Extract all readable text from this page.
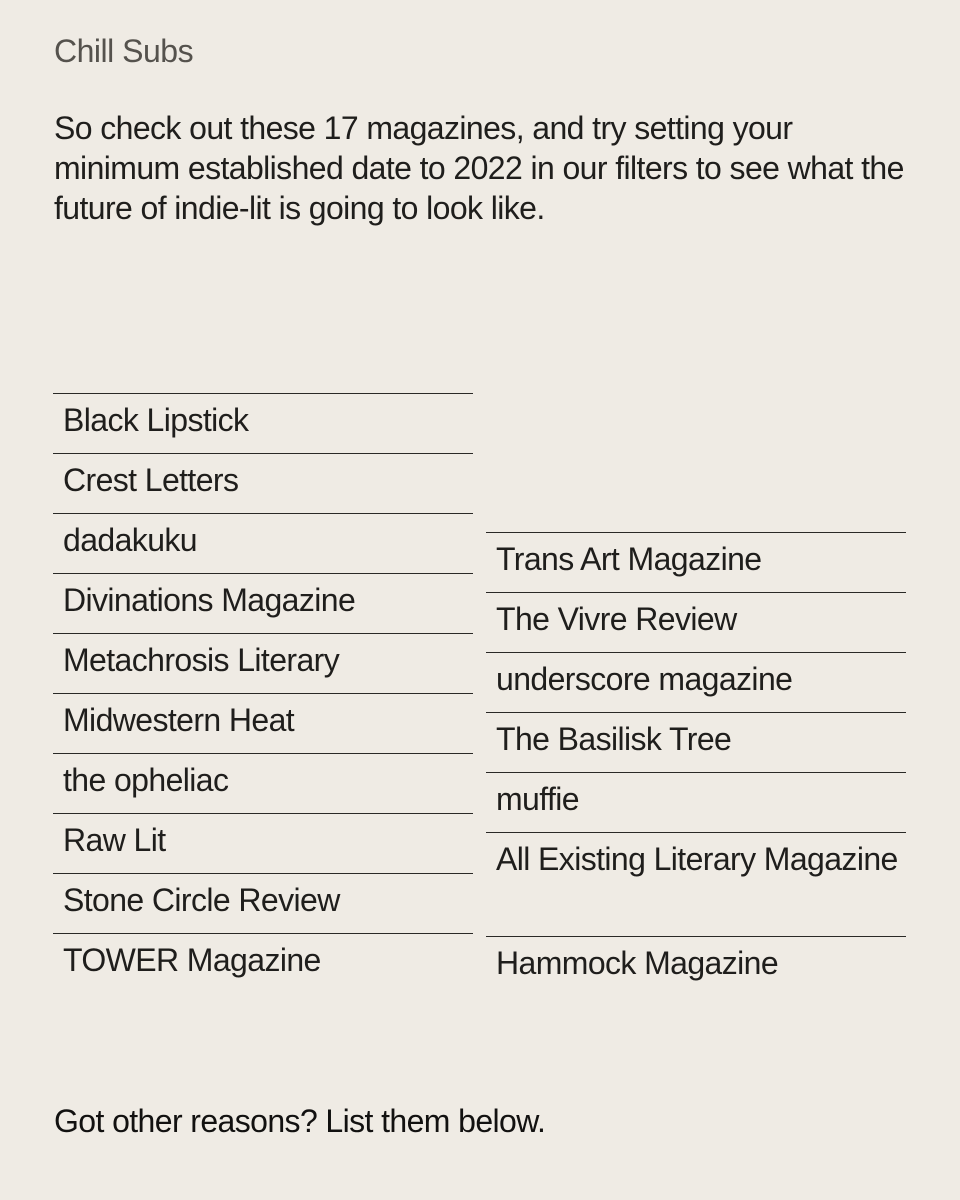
Chill Subs

So check out these 17 magazines, and try setting your minimum established date to 2022 in our filters to see what the future of indie-lit is going to look like.

Black Lipstick
Crest Letters
dadakuku
Divinations Magazine
Metachrosis Literary
Midwestern Heat
the opheliac
Raw Lit
Stone Circle Review
TOWER Magazine
Trans Art Magazine
The Vivre Review
underscore magazine
The Basilisk Tree
muffie
All Existing Literary Magazine
Hammock Magazine
Got other reasons? List them below.
